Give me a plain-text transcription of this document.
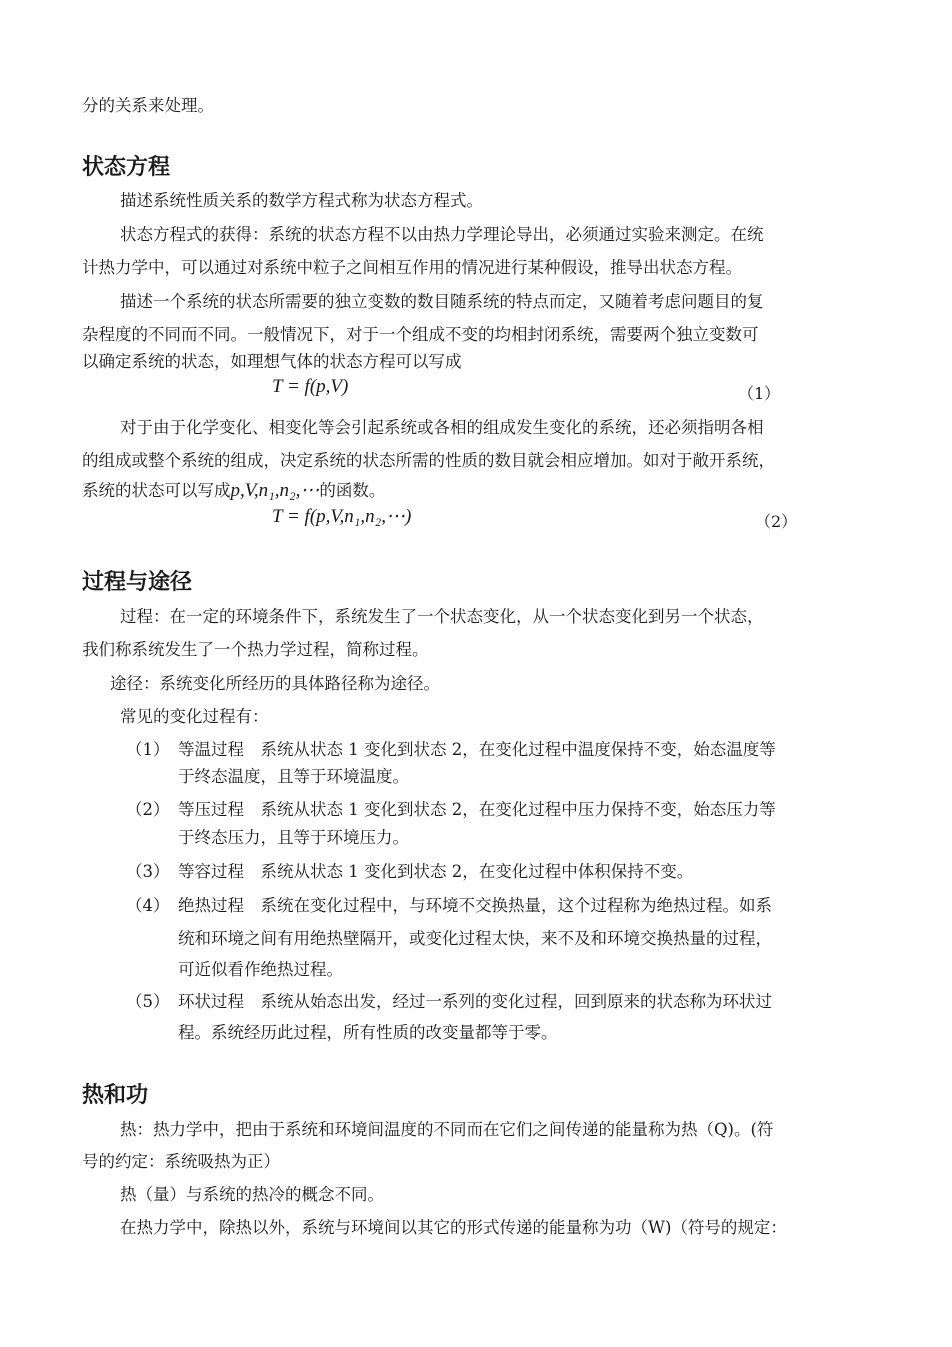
分的关系来处理。
状态方程
描述系统性质关系的数学方程式称为状态方程式。
状态方程式的获得：系统的状态方程不以由热力学理论导出，必须通过实验来测定。在统
计热力学中，可以通过对系统中粒子之间相互作用的情况进行某种假设，推导出状态方程。
描述一个系统的状态所需要的独立变数的数目随系统的特点而定，又随着考虑问题目的复
杂程度的不同而不同。一般情况下，对于一个组成不变的均相封闭系统，需要两个独立变数可
以确定系统的状态，如理想气体的状态方程可以写成
T = f(p,V)	（1）
对于由于化学变化、相变化等会引起系统或各相的组成发生变化的系统，还必须指明各相
的组成或整个系统的组成，决定系统的状态所需的性质的数目就会相应增加。如对于敞开系统，
系统的状态可以写成p,V,n₁,n₂,⋯的函数。
T = f(p,V,n₁,n₂,⋯)	（2）
过程与途径
过程：在一定的环境条件下，系统发生了一个状态变化，从一个状态变化到另一个状态，
我们称系统发生了一个热力学过程，简称过程。
途径：系统变化所经历的具体路径称为途径。
常见的变化过程有：
（1） 等温过程　系统从状态 1 变化到状态 2，在变化过程中温度保持不变，始态温度等
于终态温度，且等于环境温度。
（2） 等压过程　系统从状态 1 变化到状态 2，在变化过程中压力保持不变，始态压力等
于终态压力，且等于环境压力。
（3） 等容过程　系统从状态 1 变化到状态 2，在变化过程中体积保持不变。
（4） 绝热过程　系统在变化过程中，与环境不交换热量，这个过程称为绝热过程。如系
统和环境之间有用绝热壁隔开，或变化过程太快，来不及和环境交换热量的过程，
可近似看作绝热过程。
（5） 环状过程　系统从始态出发，经过一系列的变化过程，回到原来的状态称为环状过
程。系统经历此过程，所有性质的改变量都等于零。
热和功
热：热力学中，把由于系统和环境间温度的不同而在它们之间传递的能量称为热（Q)。(符
号的约定：系统吸热为正）
热（量）与系统的热冷的概念不同。
在热力学中，除热以外，系统与环境间以其它的形式传递的能量称为功（W)（符号的规定：
